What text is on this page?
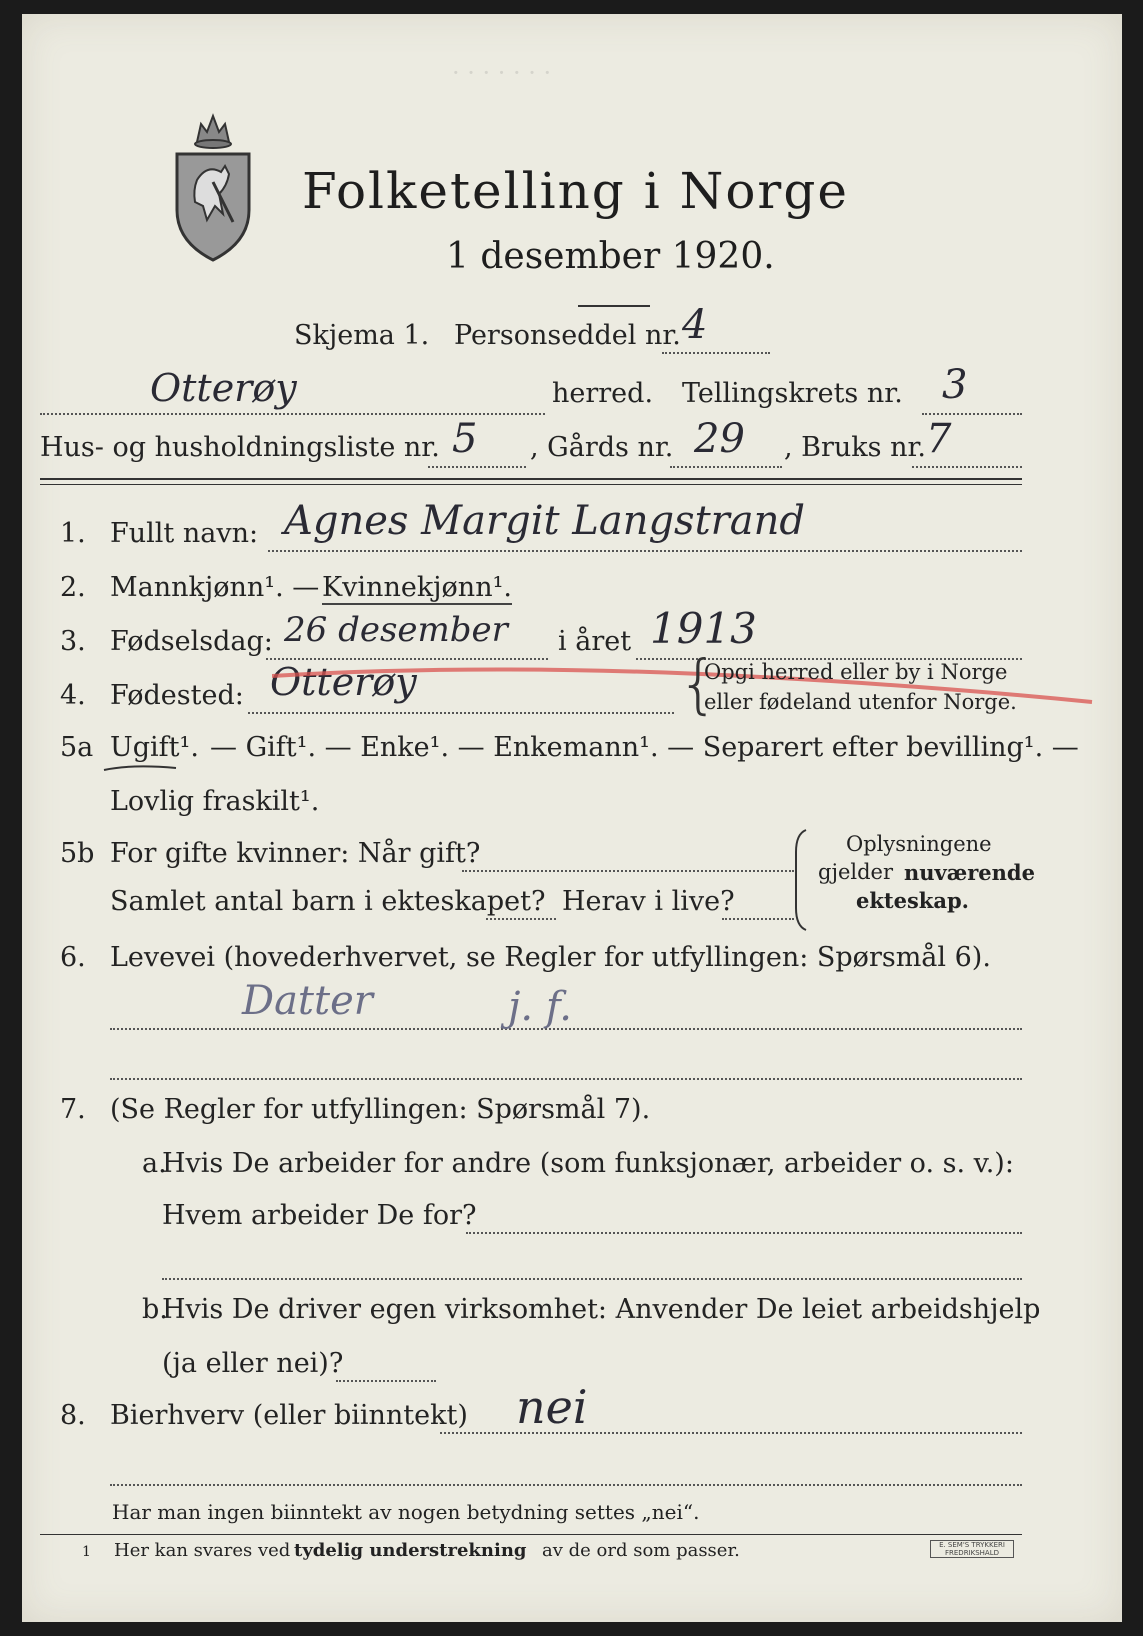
· · · · · · ·
Folketelling i Norge
1 desember 1920.
Skjema 1. Personseddel nr. 4
Otterøy	herred. Tellingskrets nr. 3
Hus- og husholdningsliste nr. 5 , Gårds nr. 29 , Bruks nr. 7
1. Fullt navn: Agnes Margit Langstrand
2. Mannkjønn¹. — Kvinnekjønn¹.
3. Fødselsdag: 26 desember i året 1913
4. Fødested: Otterøy	{
Opgi herred eller by i Norge
eller fødeland utenfor Norge.
5a Ugift¹. — Gift¹. — Enke¹. — Enkemann¹. — Separert efter bevilling¹. —
Lovlig fraskilt¹.
5b For gifte kvinner: Når gift?
Samlet antal barn i ekteskapet? Herav i live?
Oplysningene
gjelder nuværende
ekteskap.
6. Levevei (hovederhvervet, se Regler for utfyllingen: Spørsmål 6).
Datter	j. f.
7. (Se Regler for utfyllingen: Spørsmål 7).
a.
Hvis De arbeider for andre (som funksjonær, arbeider o. s. v.):
Hvem arbeider De for?
b.
Hvis De driver egen virksomhet: Anvender De leiet arbeidshjelp
(ja eller nei)?
8. Bierhverv (eller biinntekt) nei
Har man ingen biinntekt av nogen betydning settes „nei“.
1 Her kan svares ved tydelig understrekning av de ord som passer.	E. SEM'S TRYKKERI
FREDRIKSHALD
